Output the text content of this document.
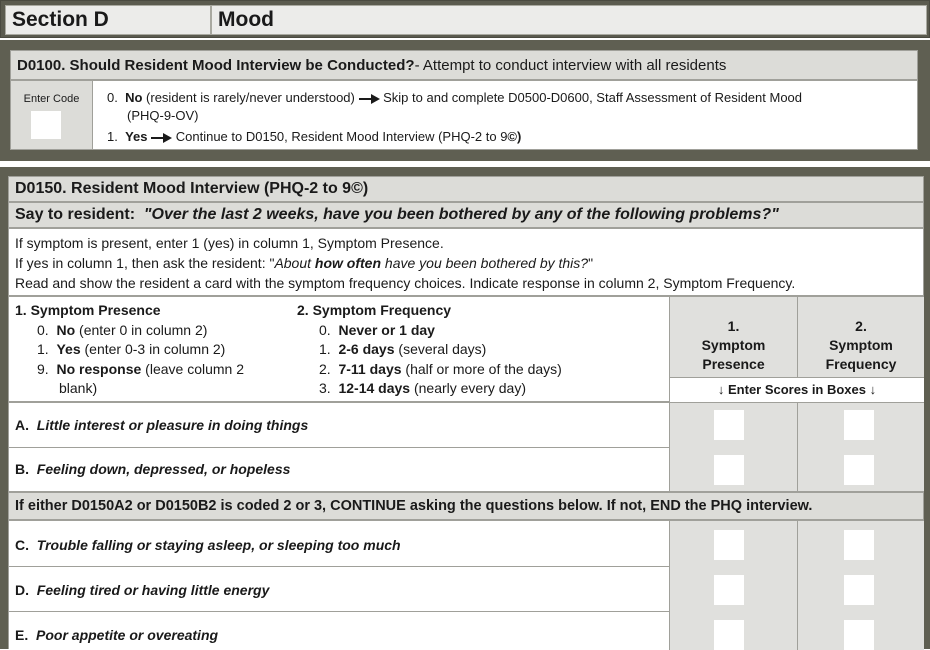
Section D	Mood
D0100.
Should Resident Mood Interview be Conducted? - Attempt to conduct interview with all residents
Enter Code	0. No (resident is rarely/never understood) Skip to and complete D0500-D0600, Staff Assessment of Resident Mood
(PHQ-9-OV)
1. Yes Continue to D0150, Resident Mood Interview (PHQ-2 to 9©)
D0150. Resident Mood Interview (PHQ-2 to 9 ©)
Say to resident:
"Over the last 2 weeks, have you been bothered by any of the following problems?"
If symptom is present, enter 1 (yes) in column 1, Symptom Presence.
If yes in column 1, then ask the resident: "About how often have you been bothered by this?"
Read and show the resident a card with the symptom frequency choices. Indicate response in column 2, Symptom Frequency.
1. Symptom Presence
0. No (enter 0 in column 2)
1. Yes (enter 0-3 in column 2)
9. No response (leave column 2
blank)
2. Symptom Frequency
0. Never or 1 day
1. 2-6 days (several days)
2. 7-11 days (half or more of the days)
3. 12-14 days (nearly every day)
1.
Symptom
Presence
2.
Symptom
Frequency
↓ Enter Scores in Boxes ↓
A. Little interest or pleasure in doing things
B. Feeling down, depressed, or hopeless
If either D0150A2 or D0150B2 is coded 2 or 3, CONTINUE asking the questions below. If not, END the PHQ interview.
C. Trouble falling or staying asleep, or sleeping too much
D. Feeling tired or having little energy
E. Poor appetite or overeating
